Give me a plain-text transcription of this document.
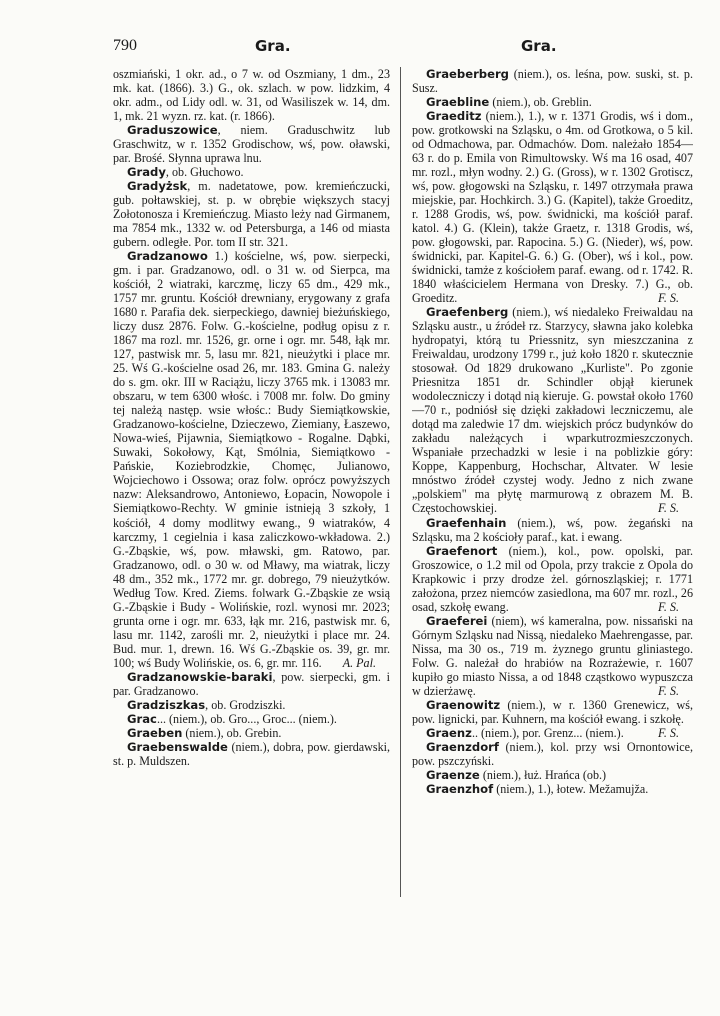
790	Gra.	Gra.

oszmiański, 1 okr. ad., o 7 w. od Oszmiany, 1 dm., 23 mk. kat. (1866). 3.) G., ok. szlach. w pow. lidzkim, 4 okr. adm., od Lidy odl. w. 31, od Wasiliszek w. 14, dm. 1, mk. 21 wyzn. rz. kat. (r. 1866).

Graduszowice, niem. Graduschwitz lub Graschwitz, w r. 1352 Grodischow, wś, pow. oławski, par. Brośé. Słynna uprawa lnu.

Grady, ob. Głuchowo.

Gradyżsk, m. nadetatowe, pow. kremieńczucki, gub. połtawskiej, st. p. w obrębie większych stacyj Zołotonosza i Kremieńczug. Miasto leży nad Girmanem, ma 7854 mk., 1332 w. od Petersburga, a 146 od miasta gubern. odległe. Por. tom II str. 321.

Gradzanowo 1.) kościelne, wś, pow. sierpecki, gm. i par. Gradzanowo, odl. o 31 w. od Sierpca, ma kościół, 2 wiatraki, karczmę, liczy 65 dm., 429 mk., 1757 mr. gruntu. Kościół drewniany, erygowany z grafa 1680 r. Parafia dek. sierpeckiego, dawniej bieżuńskiego, liczy dusz 2876. Folw. G.-kościelne, podług opisu z r. 1867 ma rozl. mr. 1526, gr. orne i ogr. mr. 548, łąk mr. 127, pastwisk mr. 5, lasu mr. 821, nieużytki i place mr. 25. Wś G.-kościelne osad 26, mr. 183. Gmina G. należy do s. gm. okr. III w Raciążu, liczy 3765 mk. i 13083 mr. obszaru, w tem 6300 włośc. i 7008 mr. folw. Do gminy tej należą następ. wsie włośc.: Budy Siemiątkowskie, Gradzanowo-kościelne, Dzieczewo, Ziemiany, Łaszewo, Nowa-wieś, Pijawnia, Siemiątkowo - Rogalne. Dąbki, Suwaki, Sokołowy, Kąt, Smólnia, Siemiątkowo - Pańskie, Koziebrodzkie, Chomęc, Julianowo, Wojciechowo i Ossowa; oraz folw. oprócz powyższych nazw: Aleksandrowo, Antoniewo, Łopacin, Nowopole i Siemiątkowo-Rechty. W gminie istnieją 3 szkoły, 1 kościół, 4 domy modlitwy ewang., 9 wiatraków, 4 karczmy, 1 cegielnia i kasa zaliczkowo-wkładowa. 2.) G.-Zbąskie, wś, pow. mławski, gm. Ratowo, par. Gradzanowo, odl. o 30 w. od Mławy, ma wiatrak, liczy 48 dm., 352 mk., 1772 mr. gr. dobrego, 79 nieużytków. Według Tow. Kred. Ziems. folwark G.-Zbąskie ze wsią G.-Zbąskie i Budy - Wolińskie, rozl. wynosi mr. 2023; grunta orne i ogr. mr. 633, łąk mr. 216, pastwisk mr. 6, lasu mr. 1142, zarośli mr. 2, nieużytki i place mr. 24. Bud. mur. 1, drewn. 16. Wś G.-Zbąskie os. 39, gr. mr. 100; wś Budy Wolińskie, os. 6, gr. mr. 116.	A. Pal.

Gradzanowskie-baraki, pow. sierpecki, gm. i par. Gradzanowo.

Gradziszkas, ob. Grodziszki.

Grac... (niem.), ob. Gro..., Groc... (niem.).

Graeben (niem.), ob. Grebin.

Graebenswalde (niem.), dobra, pow. gierdawski, st. p. Muldszen.

Graeberberg (niem.), os. leśna, pow. suski, st. p. Susz.

Graebline (niem.), ob. Greblin.

Graeditz (niem.), 1.), w r. 1371 Grodis, wś i dom., pow. grotkowski na Szląsku, o 4m. od Grotkowa, o 5 kil. od Odmachowa, par. Odmachów. Dom. należało 1854—63 r. do p. Emila von Rimultowsky. Wś ma 16 osad, 407 mr. rozl., młyn wodny. 2.) G. (Gross), w r. 1302 Grotiscz, wś, pow. głogowski na Szląsku, r. 1497 otrzymała prawa miejskie, par. Hochkirch. 3.) G. (Kapitel), także Groeditz, r. 1288 Grodis, wś, pow. świdnicki, ma kościół paraf. katol. 4.) G. (Klein), także Graetz, r. 1318 Grodis, wś, pow. głogowski, par. Rapocina. 5.) G. (Nieder), wś, pow. świdnicki, par. Kapitel-G. 6.) G. (Ober), wś i kol., pow. świdnicki, tamże z kościołem paraf. ewang. od r. 1742. R. 1840 właścicielem Hermana von Dresky. 7.) G., ob. Groeditz.	F. S.

Graefenberg (niem.), wś niedaleko Freiwaldau na Szląsku austr., u źródeł rz. Starzycy, sławna jako kolebka hydropatyi, którą tu Priessnitz, syn mieszczanina z Freiwaldau, urodzony 1799 r., już koło 1820 r. skutecznie stosował. Od 1829 drukowano „Kurliste". Po zgonie Priesnitza 1851 dr. Schindler objął kierunek wodoleczniczy i dotąd nią kieruje. G. powstał około 1760—70 r., podniósł się dzięki zakładowi leczniczemu, ale dotąd ma zaledwie 17 dm. wiejskich prócz budynków do zakładu należących i wparkutrozmieszczonych. Wspaniałe przechadzki w lesie i na poblizkie góry: Koppe, Kappenburg, Hochschar, Altvater. W lesie mnóstwo źródeł czystej wody. Jedno z nich zwane „polskiem" ma płytę marmurową z obrazem M. B. Częstochowskiej.	F. S.

Graefenhain (niem.), wś, pow. żegański na Szląsku, ma 2 kościoły paraf., kat. i ewang.

Graefenort (niem.), kol., pow. opolski, par. Groszowice, o 1.2 mil od Opola, przy trakcie z Opola do Krapkowic i przy drodze żel. górnoszląskiej; r. 1771 założona, przez niemców zasiedlona, ma 607 mr. rozl., 26 osad, szkołę ewang.	F. S.

Graeferei (niem), wś kameralna, pow. nissański na Górnym Szląsku nad Nissą, niedaleko Maehrengasse, par. Nissa, ma 30 os., 719 m. żyznego gruntu gliniastego. Folw. G. należał do hrabiów na Rozrażewie, r. 1607 kupiło go miasto Nissa, a od 1848 cząstkowo wypuszcza w dzierżawę.	F. S.

Graenowitz (niem.), w r. 1360 Grenewicz, wś, pow. lignicki, par. Kuhnern, ma kościół ewang. i szkołę.
F. S.

Graenz.. (niem.), por. Grenz... (niem.).

Graenzdorf (niem.), kol. przy wsi Ornontowice, pow. pszczyński.

Graenze (niem.), łuż. Hrańca (ob.)

Graenzhof (niem.), 1.), łotew. Mežamujža.
